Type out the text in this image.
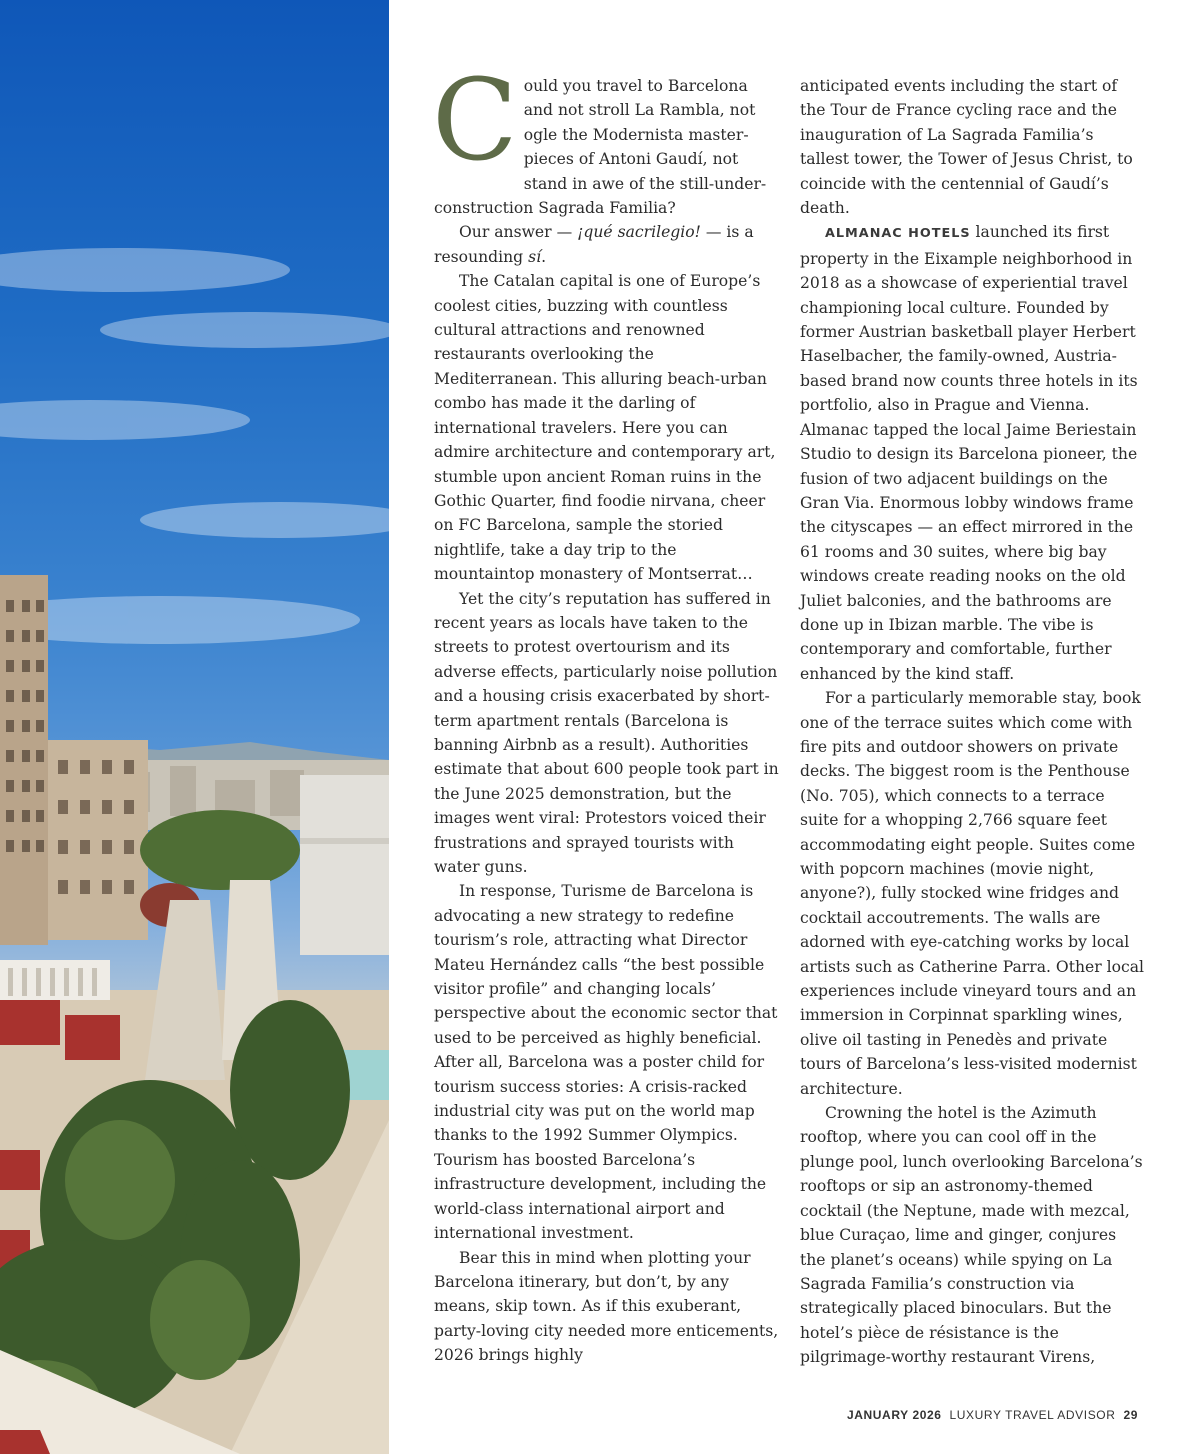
Could you travel to Barcelona and not stroll La Rambla, not ogle the Modernista masterpieces of Antoni Gaudí, not stand in awe of the still-under-construction Sagrada Familia?

Our answer — ¡qué sacrilegio! — is a resounding sí.

The Catalan capital is one of Europe’s coolest cities, buzzing with countless cultural attractions and renowned restaurants overlooking the Mediterranean. This alluring beach-urban combo has made it the darling of international travelers. Here you can admire architecture and contemporary art, stumble upon ancient Roman ruins in the Gothic Quarter, find foodie nirvana, cheer on FC Barcelona, sample the storied nightlife, take a day trip to the mountaintop monastery of Montserrat…

Yet the city’s reputation has suffered in recent years as locals have taken to the streets to protest overtourism and its adverse effects, particularly noise pollution and a housing crisis exacerbated by short-term apartment rentals (Barcelona is banning Airbnb as a result). Authorities estimate that about 600 people took part in the June 2025 demonstration, but the images went viral: Protestors voiced their frustrations and sprayed tourists with water guns.

In response, Turisme de Barcelona is advocating a new strategy to redefine tourism’s role, attracting what Director Mateu Hernández calls “the best possible visitor profile” and changing locals’ perspective about the economic sector that used to be perceived as highly beneficial. After all, Barcelona was a poster child for tourism success stories: A crisis-racked industrial city was put on the world map thanks to the 1992 Summer Olympics. Tourism has boosted Barcelona’s infrastructure development, including the world-class international airport and international investment.

Bear this in mind when plotting your Barcelona itinerary, but don’t, by any means, skip town. As if this exuberant, party-loving city needed more enticements, 2026 brings highly

anticipated events including the start of the Tour de France cycling race and the inauguration of La Sagrada Familia’s tallest tower, the Tower of Jesus Christ, to coincide with the centennial of Gaudí’s death.

ALMANAC HOTELS launched its first property in the Eixample neighborhood in 2018 as a showcase of experiential travel championing local culture. Founded by former Austrian basketball player Herbert Haselbacher, the family-owned, Austria-based brand now counts three hotels in its portfolio, also in Prague and Vienna. Almanac tapped the local Jaime Beriestain Studio to design its Barcelona pioneer, the fusion of two adjacent buildings on the Gran Via. Enormous lobby windows frame the cityscapes — an effect mirrored in the 61 rooms and 30 suites, where big bay windows create reading nooks on the old Juliet balconies, and the bathrooms are done up in Ibizan marble. The vibe is contemporary and comfortable, further enhanced by the kind staff.

For a particularly memorable stay, book one of the terrace suites which come with fire pits and outdoor showers on private decks. The biggest room is the Penthouse (No. 705), which connects to a terrace suite for a whopping 2,766 square feet accommodating eight people. Suites come with popcorn machines (movie night, anyone?), fully stocked wine fridges and cocktail accoutrements. The walls are adorned with eye-catching works by local artists such as Catherine Parra. Other local experiences include vineyard tours and an immersion in Corpinnat sparkling wines, olive oil tasting in Penedès and private tours of Barcelona’s less-visited modernist architecture.

Crowning the hotel is the Azimuth rooftop, where you can cool off in the plunge pool, lunch overlooking Barcelona’s rooftops or sip an astronomy-themed cocktail (the Neptune, made with mezcal, blue Curaçao, lime and ginger, conjures the planet’s oceans) while spying on La Sagrada Familia’s construction via strategically placed binoculars. But the hotel’s pièce de résistance is the pilgrimage-worthy restaurant Virens,

JANUARY 2026 LUXURY TRAVEL ADVISOR 29
